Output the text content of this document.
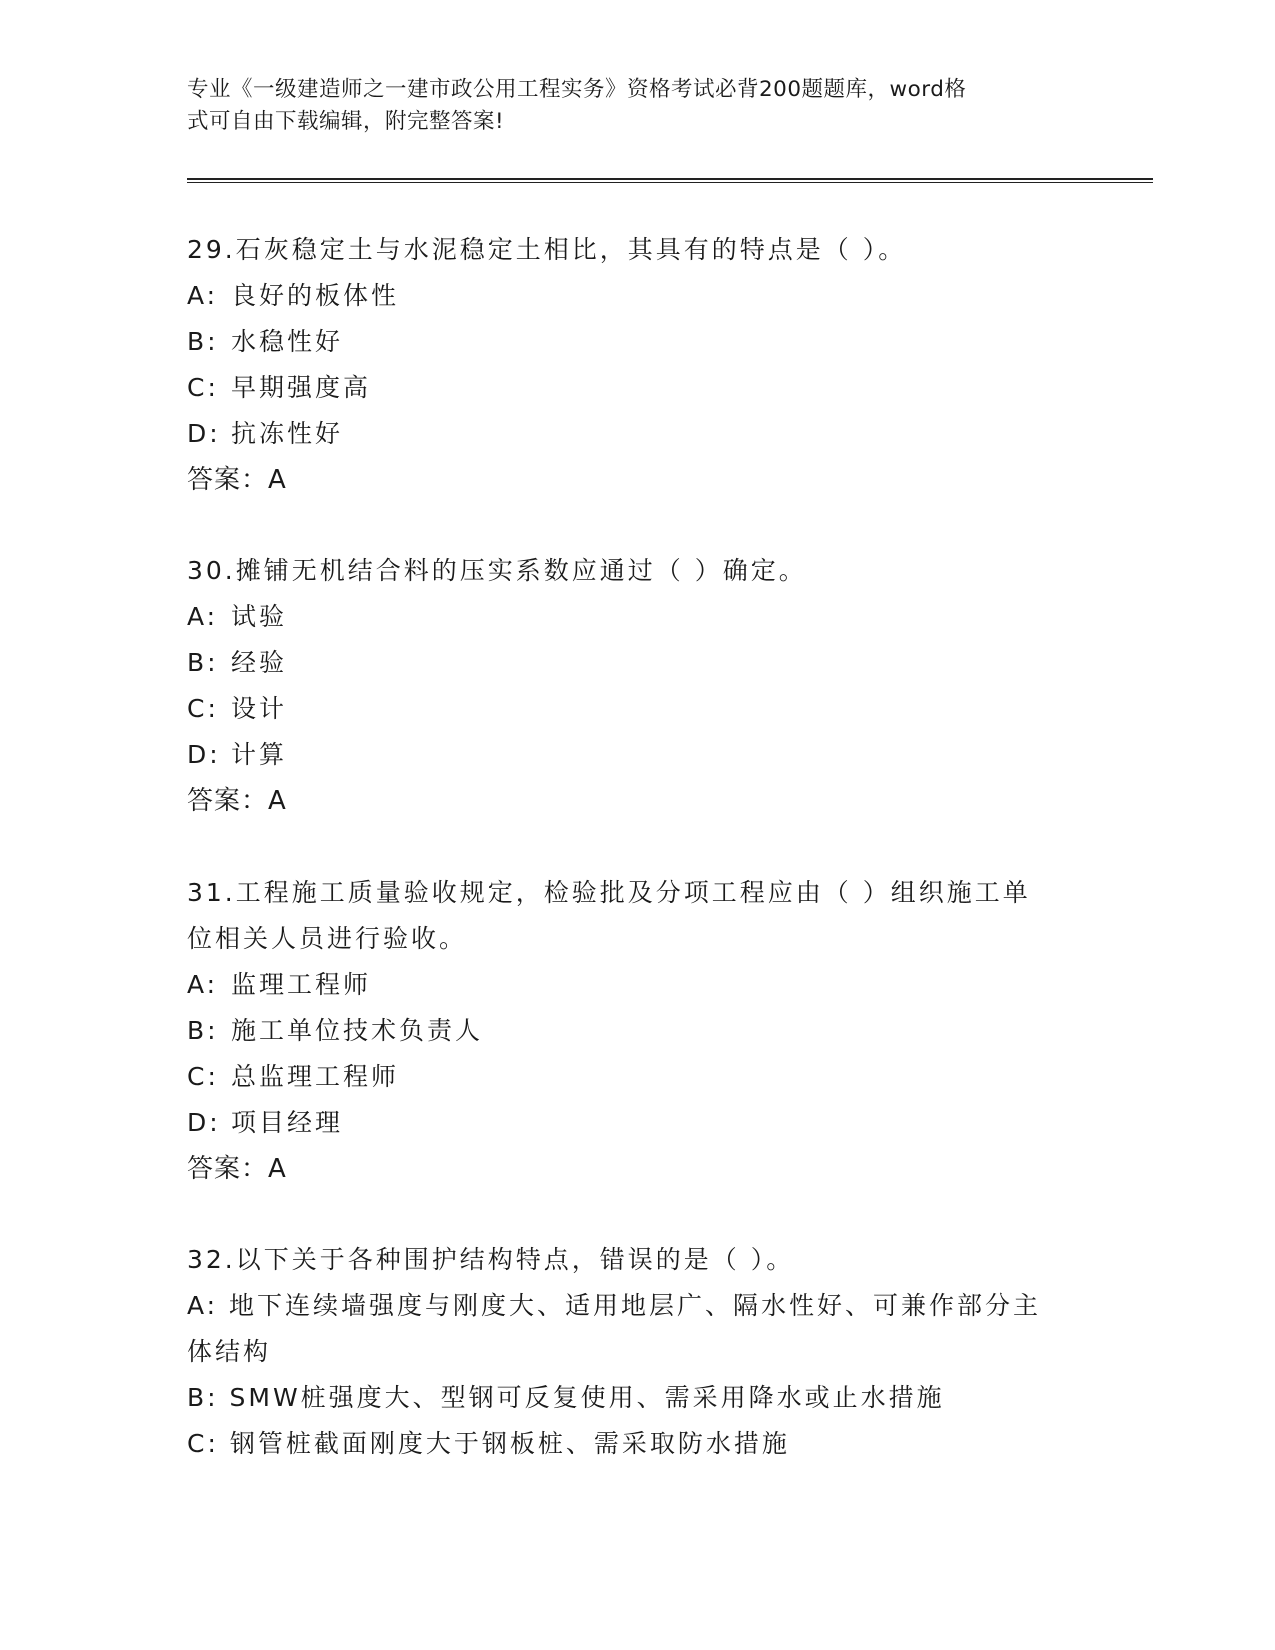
专业《一级建造师之一建市政公用工程实务》资格考试必背200题题库，word格
式可自由下载编辑，附完整答案!
29.石灰稳定土与水泥稳定土相比，其具有的特点是（ ）。
A: 良好的板体性
B: 水稳性好
C: 早期强度高
D: 抗冻性好
答案：A
30.摊铺无机结合料的压实系数应通过（ ）确定。
A: 试验
B: 经验
C: 设计
D: 计算
答案：A
31.工程施工质量验收规定，检验批及分项工程应由（ ）组织施工单
位相关人员进行验收。
A: 监理工程师
B: 施工单位技术负责人
C: 总监理工程师
D: 项目经理
答案：A
32.以下关于各种围护结构特点，错误的是（ ）。
A: 地下连续墙强度与刚度大、适用地层广、隔水性好、可兼作部分主
体结构
B: SMW桩强度大、型钢可反复使用、需采用降水或止水措施
C: 钢管桩截面刚度大于钢板桩、需采取防水措施
